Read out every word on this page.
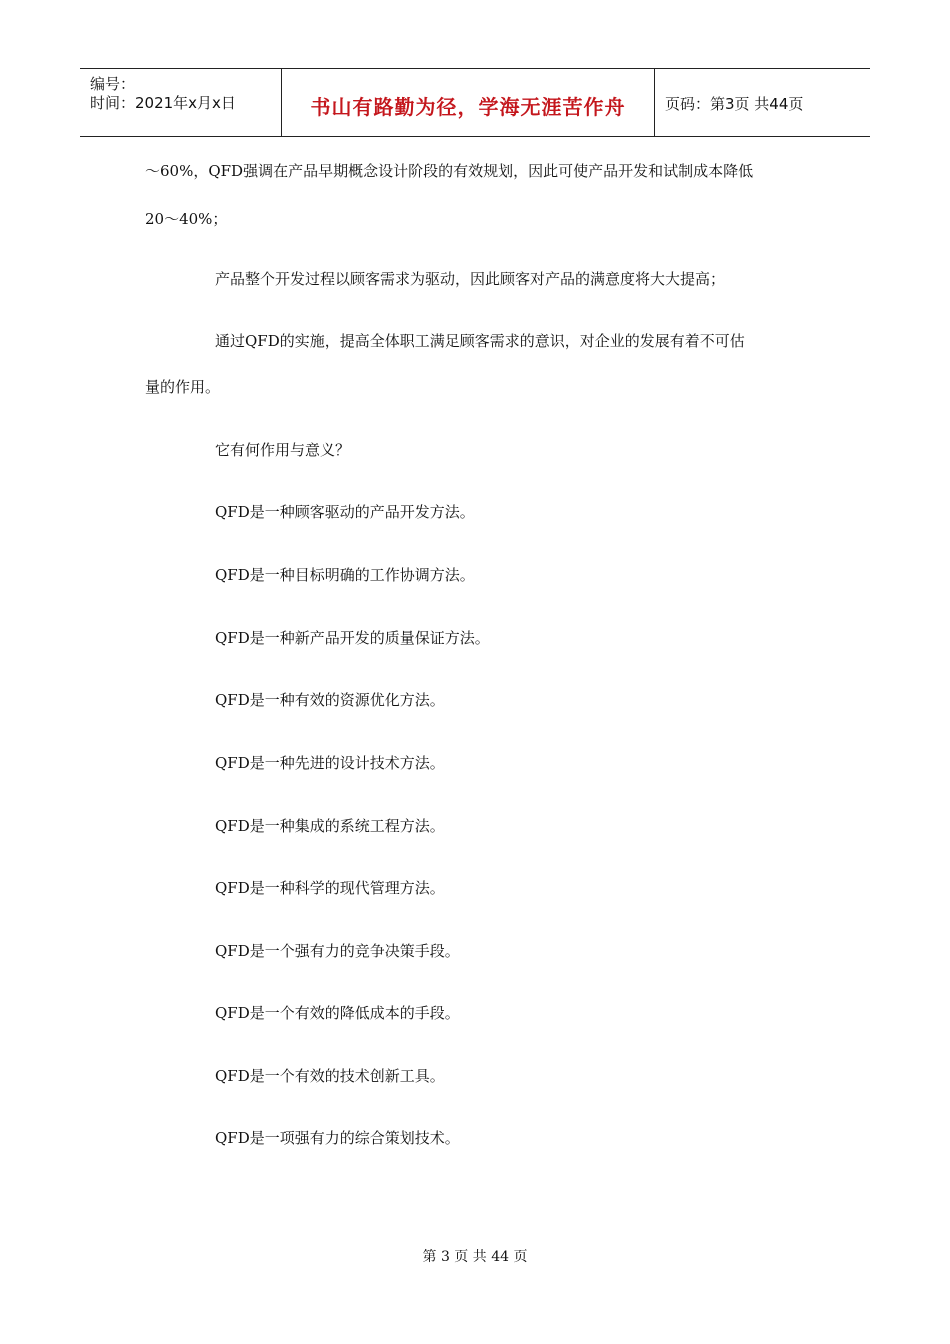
编号：
时间：2021年x月x日	书山有路勤为径，学海无涯苦作舟	页码：第3页 共44页

～60%，QFD强调在产品早期概念设计阶段的有效规划，因此可使产品开发和试制成本降低

20～40%；

产品整个开发过程以顾客需求为驱动，因此顾客对产品的满意度将大大提高；

通过QFD的实施，提高全体职工满足顾客需求的意识，对企业的发展有着不可估

量的作用。

它有何作用与意义？

QFD是一种顾客驱动的产品开发方法。

QFD是一种目标明确的工作协调方法。

QFD是一种新产品开发的质量保证方法。

QFD是一种有效的资源优化方法。

QFD是一种先进的设计技术方法。

QFD是一种集成的系统工程方法。

QFD是一种科学的现代管理方法。

QFD是一个强有力的竞争决策手段。

QFD是一个有效的降低成本的手段。

QFD是一个有效的技术创新工具。

QFD是一项强有力的综合策划技术。

第 3 页 共 44 页
